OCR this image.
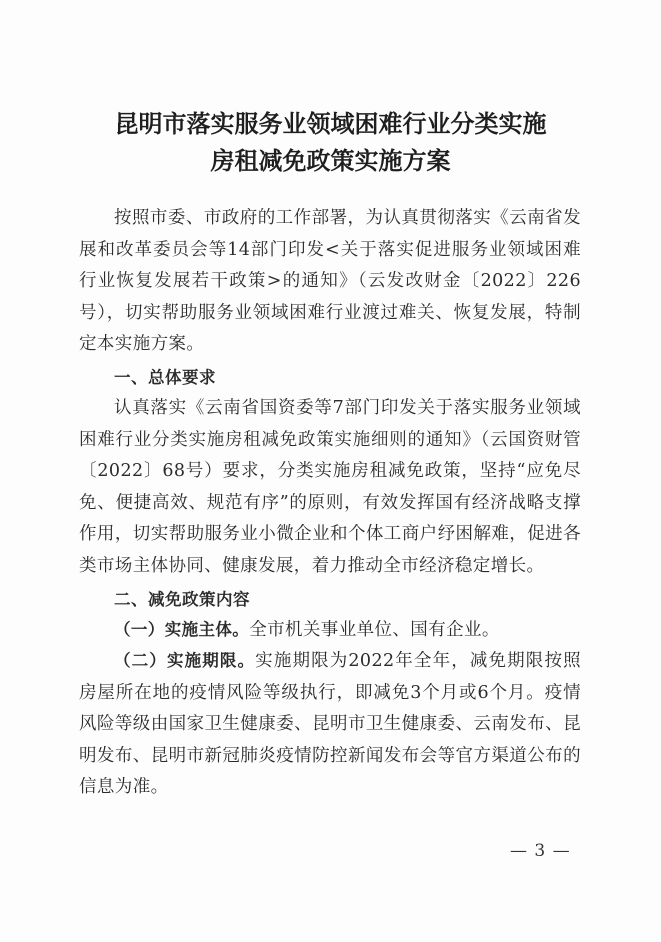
昆明市落实服务业领域困难行业分类实施
房租减免政策实施方案

按照市委、市政府的工作部署，为认真贯彻落实《云南省发展和改革委员会等14部门印发<关于落实促进服务业领域困难行业恢复发展若干政策>的通知》（云发改财金〔2022〕226号），切实帮助服务业领域困难行业渡过难关、恢复发展，特制定本实施方案。

一、总体要求

认真落实《云南省国资委等7部门印发关于落实服务业领域困难行业分类实施房租减免政策实施细则的通知》（云国资财管〔2022〕68号）要求，分类实施房租减免政策，坚持“应免尽免、便捷高效、规范有序”的原则，有效发挥国有经济战略支撑作用，切实帮助服务业小微企业和个体工商户纾困解难，促进各类市场主体协同、健康发展，着力推动全市经济稳定增长。

二、减免政策内容

（一）实施主体。全市机关事业单位、国有企业。

（二）实施期限。实施期限为2022年全年，减免期限按照房屋所在地的疫情风险等级执行，即减免3个月或6个月。疫情风险等级由国家卫生健康委、昆明市卫生健康委、云南发布、昆明发布、昆明市新冠肺炎疫情防控新闻发布会等官方渠道公布的信息为准。

— 3 —
